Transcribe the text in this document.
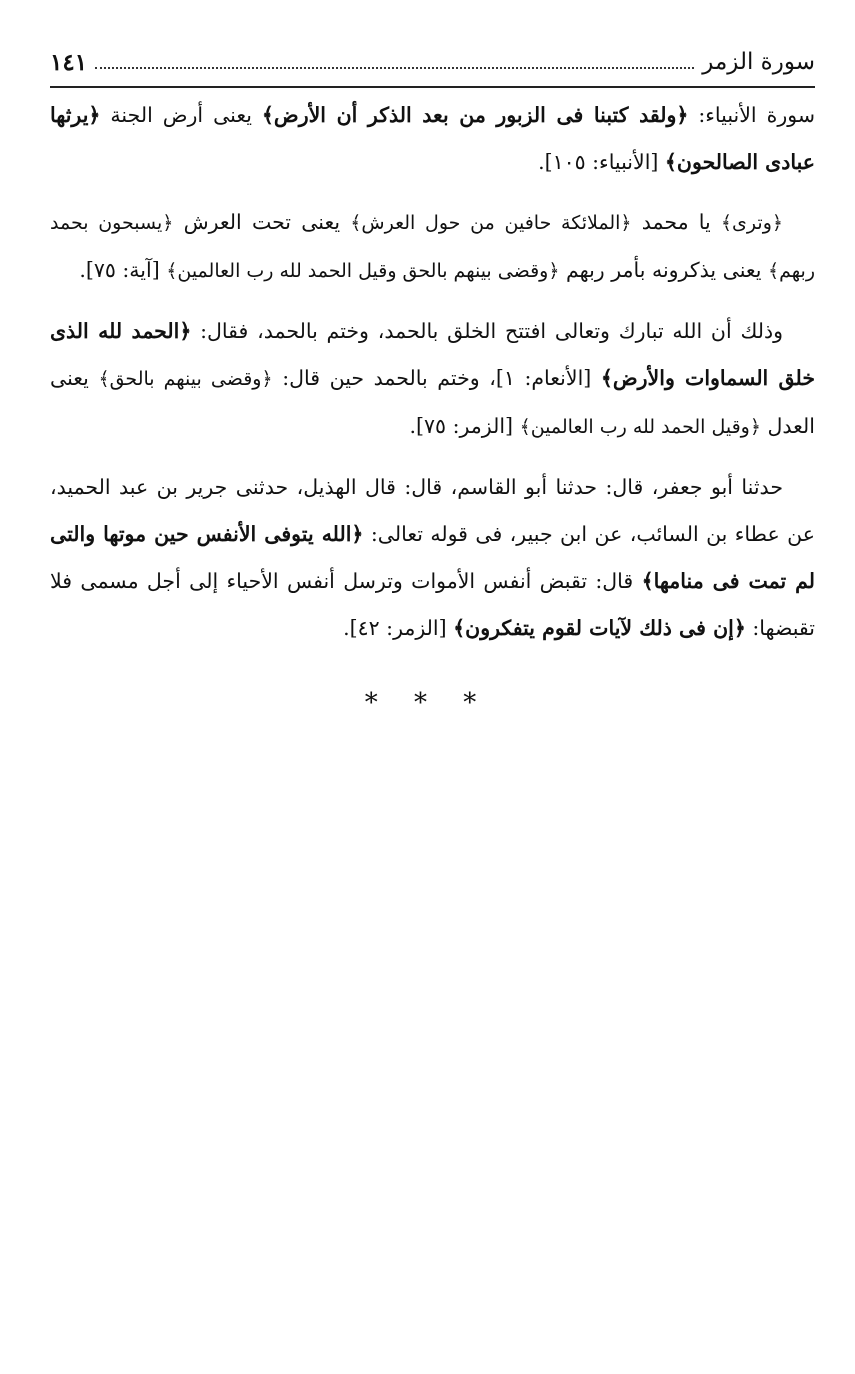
سورة الزمر
١٤١

سورة الأنبياء: ﴿ولقد كتبنا فى الزبور من بعد الذكر أن الأرض﴾ يعنى أرض الجنة ﴿يرثها عبادى الصالحون﴾ [الأنبياء: ١٠٥].

﴿وترى﴾ يا محمد ﴿الملائكة حافين من حول العرش﴾ يعنى تحت العرش ﴿يسبحون بحمد ربهم﴾ يعنى يذكرونه بأمر ربهم ﴿وقضى بينهم بالحق وقيل الحمد لله رب العالمين﴾ [آية: ٧٥].

وذلك أن الله تبارك وتعالى افتتح الخلق بالحمد، وختم بالحمد، فقال: ﴿الحمد لله الذى خلق السماوات والأرض﴾ [الأنعام: ١]، وختم بالحمد حين قال: ﴿وقضى بينهم بالحق﴾ يعنى العدل ﴿وقيل الحمد لله رب العالمين﴾ [الزمر: ٧٥].

حدثنا أبو جعفر، قال: حدثنا أبو القاسم، قال: قال الهذيل، حدثنى جرير بن عبد الحميد، عن عطاء بن السائب، عن ابن جبير، فى قوله تعالى: ﴿الله يتوفى الأنفس حين موتها والتى لم تمت فى منامها﴾ قال: تقبض أنفس الأموات وترسل أنفس الأحياء إلى أجل مسمى فلا تقبضها: ﴿إن فى ذلك لآيات لقوم يتفكرون﴾ [الزمر: ٤٢].

* * *
